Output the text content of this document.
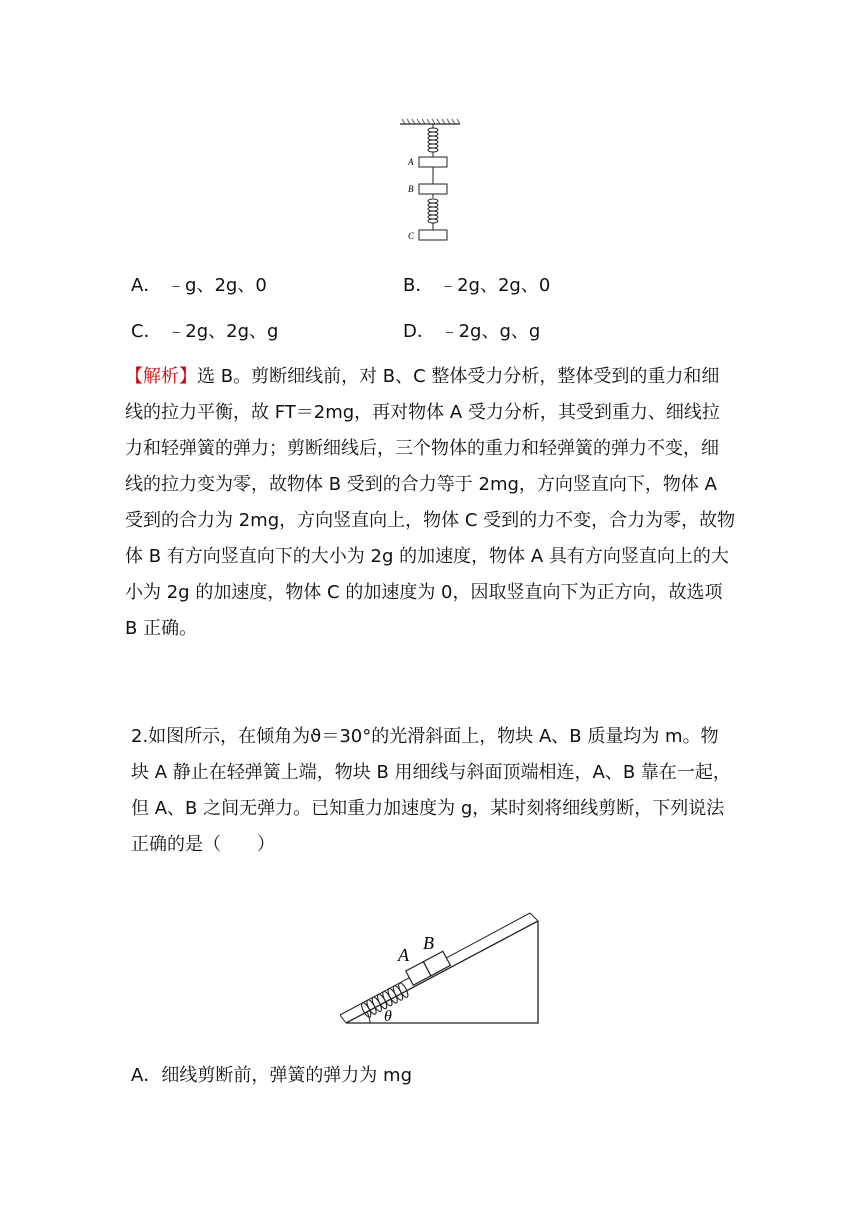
A
B
C
A． ﹣g、2g、0	B． ﹣2g、2g、0
C． ﹣2g、2g、g	D． ﹣2g、g、g
【解析】选 B。剪断细线前，对 B、C 整体受力分析，整体受到的重力和细线的拉力平衡，故 FT＝2mg，再对物体 A 受力分析，其受到重力、细线拉力和轻弹簧的弹力；剪断细线后，三个物体的重力和轻弹簧的弹力不变，细线的拉力变为零，故物体 B 受到的合力等于 2mg，方向竖直向下，物体 A 受到的合力为 2mg，方向竖直向上，物体 C 受到的力不变，合力为零，故物体 B 有方向竖直向下的大小为 2g 的加速度，物体 A 具有方向竖直向上的大小为 2g 的加速度，物体 C 的加速度为 0，因取竖直向下为正方向，故选项 B 正确。
2.如图所示，在倾角为ϑ＝30°的光滑斜面上，物块 A、B 质量均为 m。物块 A 静止在轻弹簧上端，物块 B 用细线与斜面顶端相连，A、B 靠在一起，但 A、B 之间无弹力。已知重力加速度为 g，某时刻将细线剪断，下列说法正确的是（　　）
A
B
θ
A．细线剪断前，弹簧的弹力为 mg
